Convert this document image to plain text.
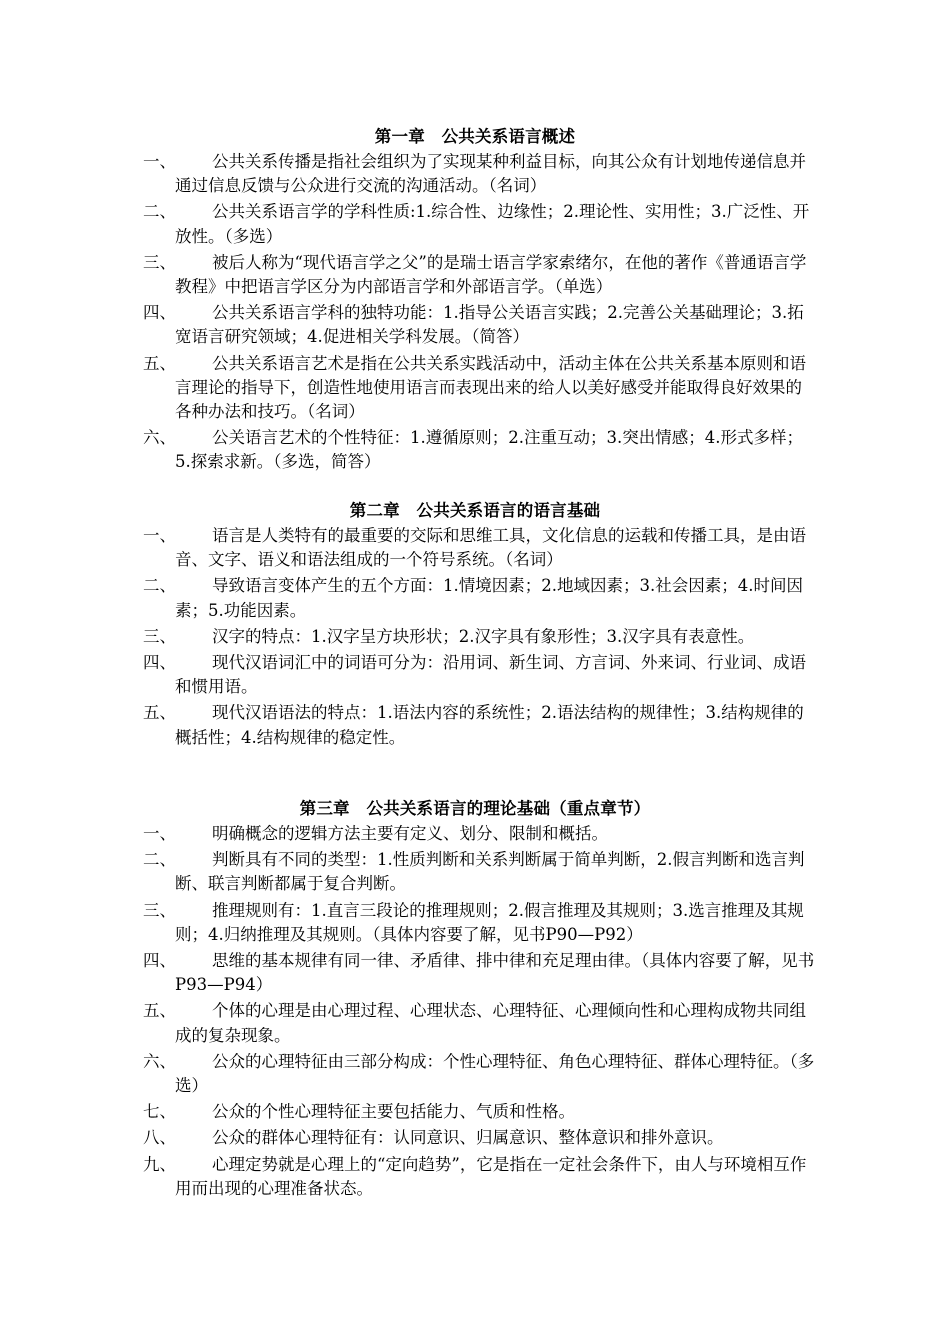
第一章　公共关系语言概述
一、	公共关系传播是指社会组织为了实现某种利益目标，向其公众有计划地传递信息并通过信息反馈与公众进行交流的沟通活动。（名词）
二、	公共关系语言学的学科性质:1.综合性、边缘性；2.理论性、实用性；3.广泛性、开放性。（多选）
三、	被后人称为“现代语言学之父”的是瑞士语言学家索绪尔，在他的著作《普通语言学教程》中把语言学区分为内部语言学和外部语言学。（单选）
四、	公共关系语言学科的独特功能：1.指导公关语言实践；2.完善公关基础理论；3.拓宽语言研究领域；4.促进相关学科发展。（简答）
五、	公共关系语言艺术是指在公共关系实践活动中，活动主体在公共关系基本原则和语言理论的指导下，创造性地使用语言而表现出来的给人以美好感受并能取得良好效果的各种办法和技巧。（名词）
六、	公关语言艺术的个性特征：1.遵循原则；2.注重互动；3.突出情感；4.形式多样；5.探索求新。（多选，简答）
第二章　公共关系语言的语言基础
一、	语言是人类特有的最重要的交际和思维工具，文化信息的运载和传播工具，是由语音、文字、语义和语法组成的一个符号系统。（名词）
二、	导致语言变体产生的五个方面：1.情境因素；2.地域因素；3.社会因素；4.时间因素；5.功能因素。
三、	汉字的特点：1.汉字呈方块形状；2.汉字具有象形性；3.汉字具有表意性。
四、	现代汉语词汇中的词语可分为：沿用词、新生词、方言词、外来词、行业词、成语和惯用语。
五、	现代汉语语法的特点：1.语法内容的系统性；2.语法结构的规律性；3.结构规律的概括性；4.结构规律的稳定性。
第三章　公共关系语言的理论基础（重点章节）
一、	明确概念的逻辑方法主要有定义、划分、限制和概括。
二、	判断具有不同的类型：1.性质判断和关系判断属于简单判断，2.假言判断和选言判断、联言判断都属于复合判断。
三、	推理规则有：1.直言三段论的推理规则；2.假言推理及其规则；3.选言推理及其规则；4.归纳推理及其规则。（具体内容要了解，见书P90—P92）
四、	思维的基本规律有同一律、矛盾律、排中律和充足理由律。（具体内容要了解，见书P93—P94）
五、	个体的心理是由心理过程、心理状态、心理特征、心理倾向性和心理构成物共同组成的复杂现象。
六、	公众的心理特征由三部分构成：个性心理特征、角色心理特征、群体心理特征。（多选）
七、	公众的个性心理特征主要包括能力、气质和性格。
八、	公众的群体心理特征有：认同意识、归属意识、整体意识和排外意识。
九、	心理定势就是心理上的“定向趋势”，它是指在一定社会条件下，由人与环境相互作用而出现的心理准备状态。
